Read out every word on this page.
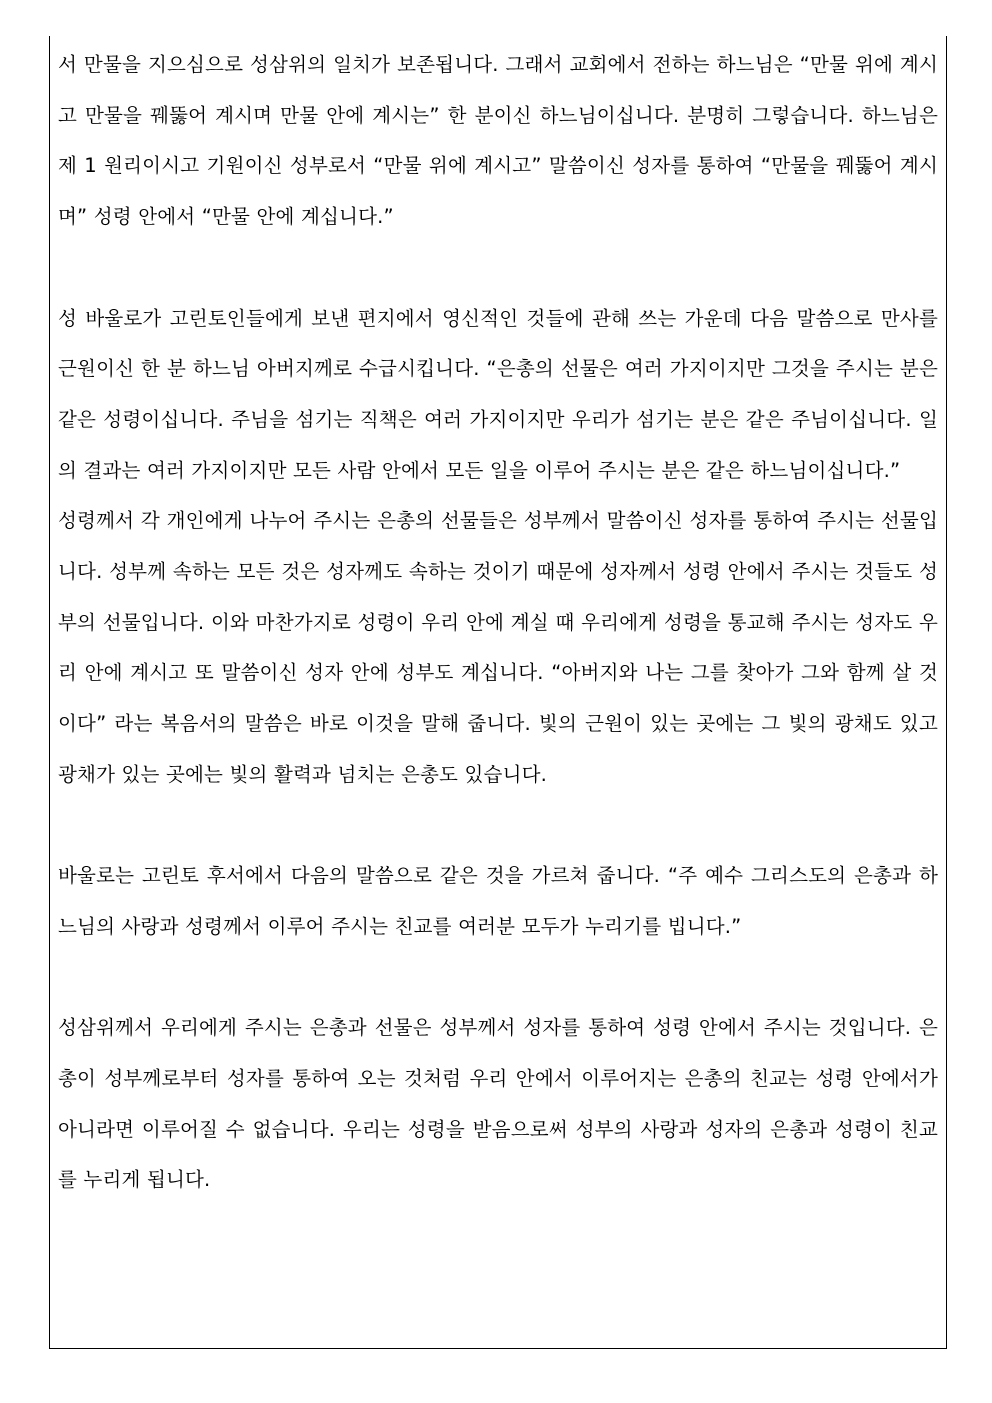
서 만물을 지으심으로 성삼위의 일치가 보존됩니다. 그래서 교회에서 전하는 하느님은 “만물 위에 계시고 만물을 꿰뚫어 계시며 만물 안에 계시는” 한 분이신 하느님이십니다. 분명히 그렇습니다. 하느님은 제 1 원리이시고 기원이신 성부로서 “만물 위에 계시고” 말씀이신 성자를 통하여 “만물을 꿰뚫어 계시며” 성령 안에서 “만물 안에 계십니다.”

성 바울로가 고린토인들에게 보낸 편지에서 영신적인 것들에 관해 쓰는 가운데 다음 말씀으로 만사를 근원이신 한 분 하느님 아버지께로 수급시킵니다. “은총의 선물은 여러 가지이지만 그것을 주시는 분은 같은 성령이십니다. 주님을 섬기는 직책은 여러 가지이지만 우리가 섬기는 분은 같은 주님이십니다. 일의 결과는 여러 가지이지만 모든 사람 안에서 모든 일을 이루어 주시는 분은 같은 하느님이십니다.”

성령께서 각 개인에게 나누어 주시는 은총의 선물들은 성부께서 말씀이신 성자를 통하여 주시는 선물입니다. 성부께 속하는 모든 것은 성자께도 속하는 것이기 때문에 성자께서 성령 안에서 주시는 것들도 성부의 선물입니다. 이와 마찬가지로 성령이 우리 안에 계실 때 우리에게 성령을 통교해 주시는 성자도 우리 안에 계시고 또 말씀이신 성자 안에 성부도 계십니다. “아버지와 나는 그를 찾아가 그와 함께 살 것이다” 라는 복음서의 말씀은 바로 이것을 말해 줍니다. 빛의 근원이 있는 곳에는 그 빛의 광채도 있고 광채가 있는 곳에는 빛의 활력과 넘치는 은총도 있습니다.

바울로는 고린토 후서에서 다음의 말씀으로 같은 것을 가르쳐 줍니다. “주 예수 그리스도의 은총과 하느님의 사랑과 성령께서 이루어 주시는 친교를 여러분 모두가 누리기를 빕니다.”

성삼위께서 우리에게 주시는 은총과 선물은 성부께서 성자를 통하여 성령 안에서 주시는 것입니다. 은총이 성부께로부터 성자를 통하여 오는 것처럼 우리 안에서 이루어지는 은총의 친교는 성령 안에서가 아니라면 이루어질 수 없습니다. 우리는 성령을 받음으로써 성부의 사랑과 성자의 은총과 성령이 친교를 누리게 됩니다.
